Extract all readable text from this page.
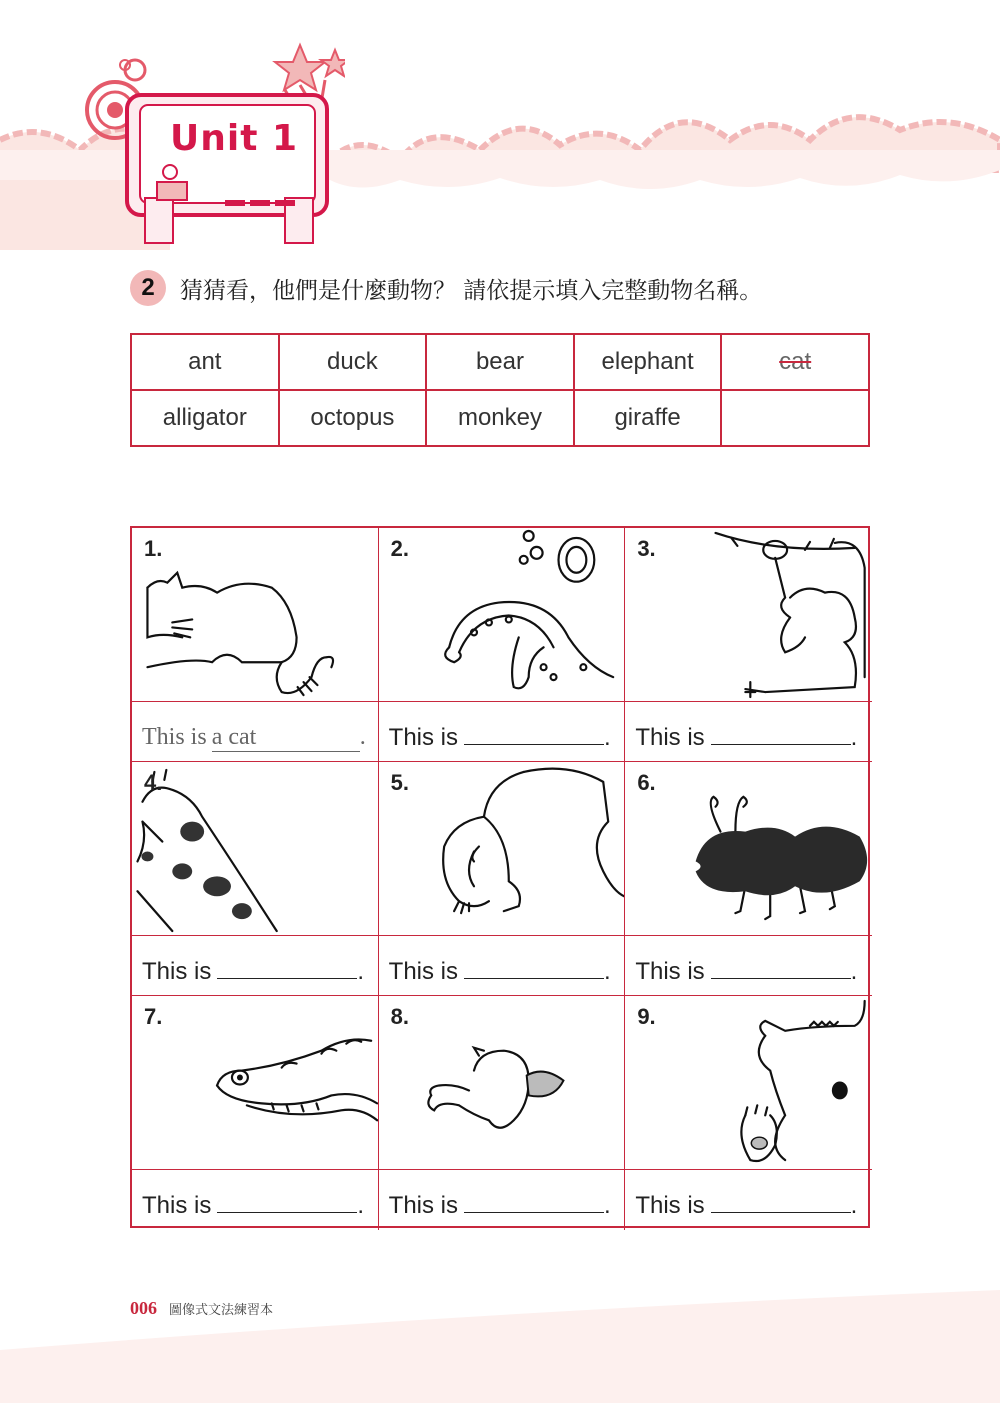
Unit 1
2	猜猜看，他們是什麼動物？ 請依提示填入完整動物名稱。
ant	duck	bear	elephant	cat
alligator	octopus	monkey	giraffe	
1.
This is a cat	.
2.
This is	.
3.
This is	.
4.
This is	.
5.
This is	.
6.
This is	.
7.
This is	.
8.
This is	.
9.
This is	.
006 圖像式文法練習本
